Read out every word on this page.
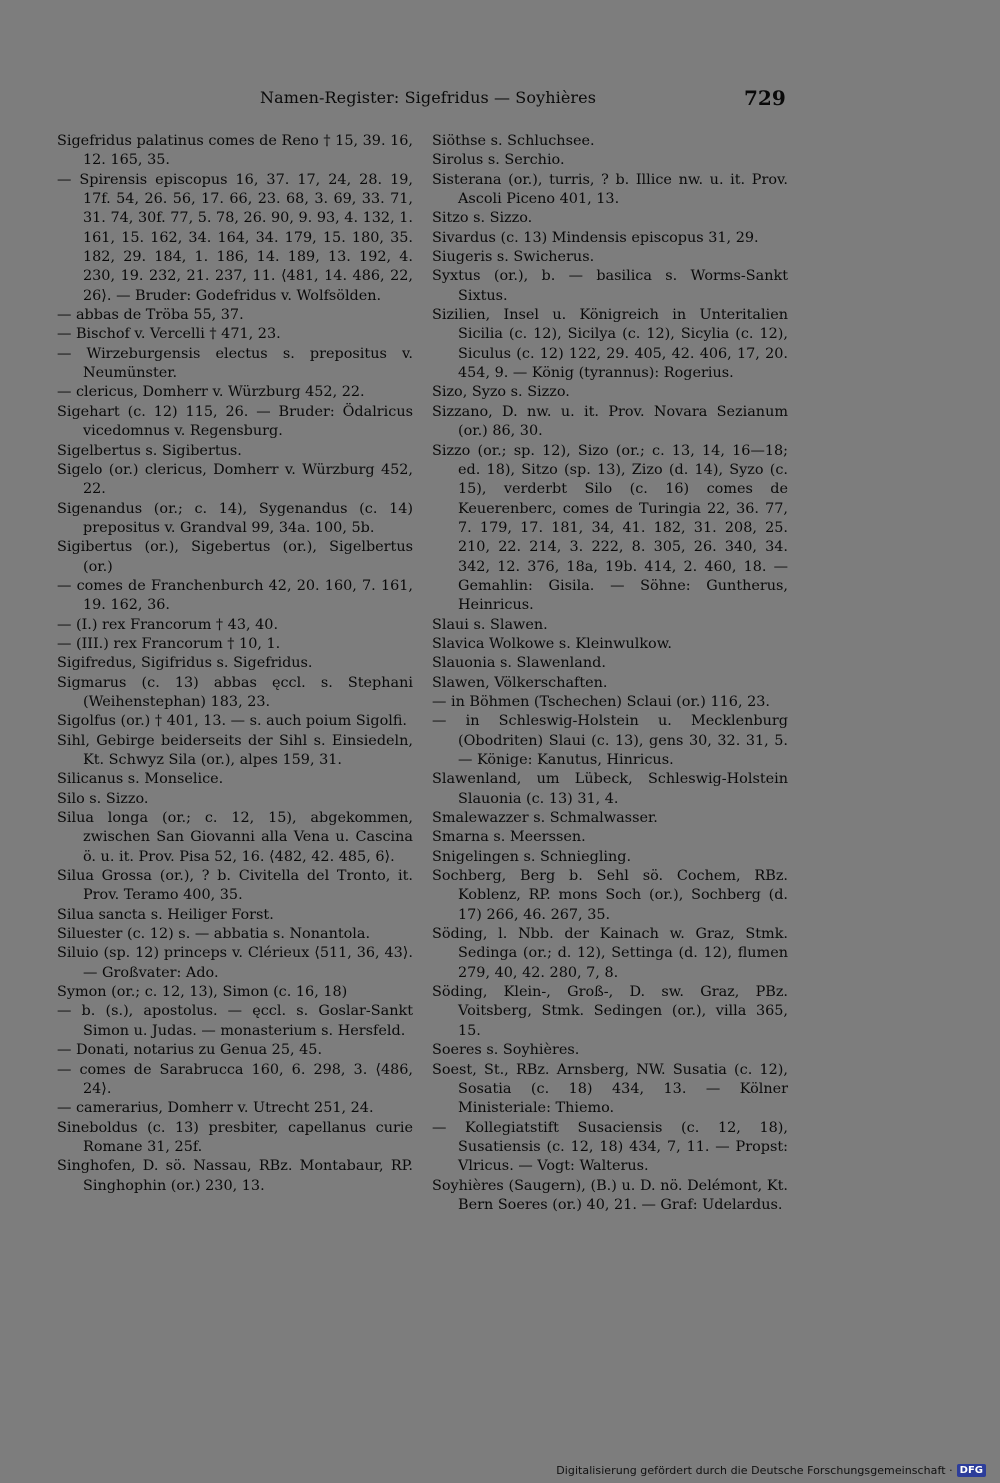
Namen-Register: Sigefridus — Soyhières	729

Sigefridus palatinus comes de Reno † 15, 39. 16, 12. 165, 35.

— Spirensis episcopus 16, 37. 17, 24, 28. 19, 17f. 54, 26. 56, 17. 66, 23. 68, 3. 69, 33. 71, 31. 74, 30f. 77, 5. 78, 26. 90, 9. 93, 4. 132, 1. 161, 15. 162, 34. 164, 34. 179, 15. 180, 35. 182, 29. 184, 1. 186, 14. 189, 13. 192, 4. 230, 19. 232, 21. 237, 11. ⟨481, 14. 486, 22, 26⟩. — Bruder: Godefridus v. Wolfsölden.

— abbas de Tröba 55, 37.

— Bischof v. Vercelli † 471, 23.

— Wirzeburgensis electus s. prepositus v. Neumünster.

— clericus, Domherr v. Würzburg 452, 22.

Sigehart (c. 12) 115, 26. — Bruder: Ödalricus vicedomnus v. Regensburg.

Sigelbertus s. Sigibertus.

Sigelo (or.) clericus, Domherr v. Würzburg 452, 22.

Sigenandus (or.; c. 14), Sygenandus (c. 14) prepositus v. Grandval 99, 34a. 100, 5b.

Sigibertus (or.), Sigebertus (or.), Sigelbertus (or.)

— comes de Franchenburch 42, 20. 160, 7. 161, 19. 162, 36.

— (I.) rex Francorum † 43, 40.

— (III.) rex Francorum † 10, 1.

Sigifredus, Sigifridus s. Sigefridus.

Sigmarus (c. 13) abbas ęccl. s. Stephani (Weihenstephan) 183, 23.

Sigolfus (or.) † 401, 13. — s. auch poium Sigolfi.

Sihl, Gebirge beiderseits der Sihl s. Einsiedeln, Kt. Schwyz Sila (or.), alpes 159, 31.

Silicanus s. Monselice.

Silo s. Sizzo.

Silua longa (or.; c. 12, 15), abgekommen, zwischen San Giovanni alla Vena u. Cascina ö. u. it. Prov. Pisa 52, 16. ⟨482, 42. 485, 6⟩.

Silua Grossa (or.), ? b. Civitella del Tronto, it. Prov. Teramo 400, 35.

Silua sancta s. Heiliger Forst.

Siluester (c. 12) s. — abbatia s. Nonantola.

Siluio (sp. 12) princeps v. Clérieux ⟨511, 36, 43⟩. — Großvater: Ado.

Symon (or.; c. 12, 13), Simon (c. 16, 18)

— b. (s.), apostolus. — ęccl. s. Goslar-Sankt Simon u. Judas. — monasterium s. Hersfeld.

— Donati, notarius zu Genua 25, 45.

— comes de Sarabrucca 160, 6. 298, 3. ⟨486, 24⟩.

— camerarius, Domherr v. Utrecht 251, 24.

Sineboldus (c. 13) presbiter, capellanus curie Romane 31, 25f.

Singhofen, D. sö. Nassau, RBz. Montabaur, RP. Singhophin (or.) 230, 13.

Siöthse s. Schluchsee.

Sirolus s. Serchio.

Sisterana (or.), turris, ? b. Illice nw. u. it. Prov. Ascoli Piceno 401, 13.

Sitzo s. Sizzo.

Sivardus (c. 13) Mindensis episcopus 31, 29.

Siugeris s. Swicherus.

Syxtus (or.), b. — basilica s. Worms-Sankt Sixtus.

Sizilien, Insel u. Königreich in Unteritalien Sicilia (c. 12), Sicilya (c. 12), Sicylia (c. 12), Siculus (c. 12) 122, 29. 405, 42. 406, 17, 20. 454, 9. — König (tyrannus): Rogerius.

Sizo, Syzo s. Sizzo.

Sizzano, D. nw. u. it. Prov. Novara Sezianum (or.) 86, 30.

Sizzo (or.; sp. 12), Sizo (or.; c. 13, 14, 16—18; ed. 18), Sitzo (sp. 13), Zizo (d. 14), Syzo (c. 15), verderbt Silo (c. 16) comes de Keuerenberc, comes de Turingia 22, 36. 77, 7. 179, 17. 181, 34, 41. 182, 31. 208, 25. 210, 22. 214, 3. 222, 8. 305, 26. 340, 34. 342, 12. 376, 18a, 19b. 414, 2. 460, 18. — Gemahlin: Gisila. — Söhne: Guntherus, Heinricus.

Slaui s. Slawen.

Slavica Wolkowe s. Kleinwulkow.

Slauonia s. Slawenland.

Slawen, Völkerschaften.

— in Böhmen (Tschechen) Sclaui (or.) 116, 23.

— in Schleswig-Holstein u. Mecklenburg (Obodriten) Slaui (c. 13), gens 30, 32. 31, 5. — Könige: Kanutus, Hinricus.

Slawenland, um Lübeck, Schleswig-Holstein Slauonia (c. 13) 31, 4.

Smalewazzer s. Schmalwasser.

Smarna s. Meerssen.

Snigelingen s. Schniegling.

Sochberg, Berg b. Sehl sö. Cochem, RBz. Koblenz, RP. mons Soch (or.), Sochberg (d. 17) 266, 46. 267, 35.

Söding, l. Nbb. der Kainach w. Graz, Stmk. Sedinga (or.; d. 12), Settinga (d. 12), flumen 279, 40, 42. 280, 7, 8.

Söding, Klein-, Groß-, D. sw. Graz, PBz. Voitsberg, Stmk. Sedingen (or.), villa 365, 15.

Soeres s. Soyhières.

Soest, St., RBz. Arnsberg, NW. Susatia (c. 12), Sosatia (c. 18) 434, 13. — Kölner Ministeriale: Thiemo.

— Kollegiatstift Susaciensis (c. 12, 18), Susatiensis (c. 12, 18) 434, 7, 11. — Propst: Vlricus. — Vogt: Walterus.

Soyhières (Saugern), (B.) u. D. nö. Delémont, Kt. Bern Soeres (or.) 40, 21. — Graf: Udelardus.

Digitalisierung gefördert durch die Deutsche Forschungsgemeinschaft · DFG
